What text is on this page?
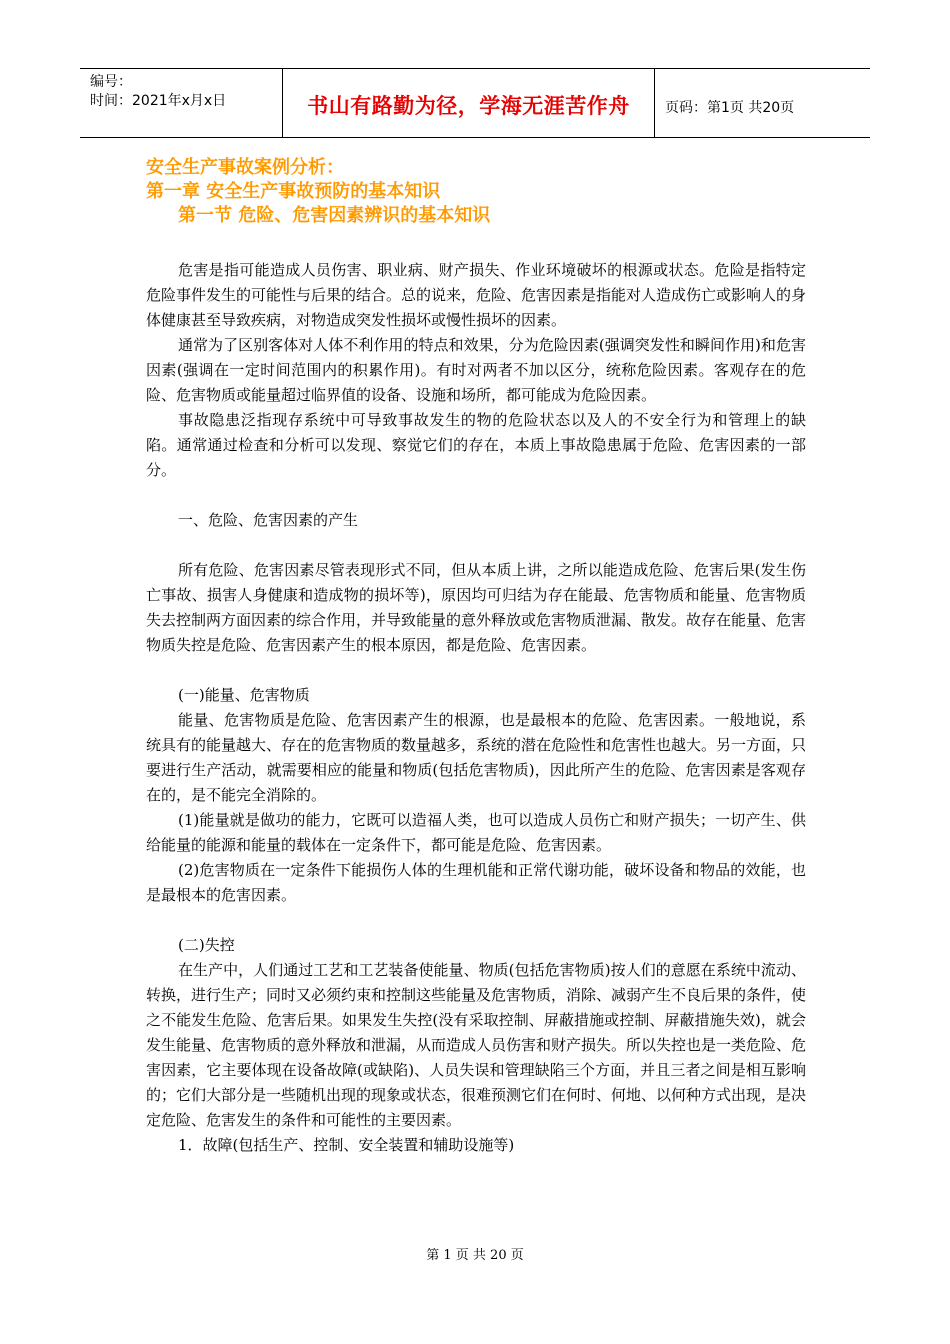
编号：
时间：2021年x月x日	书山有路勤为径，学海无涯苦作舟	页码：第1页 共20页
安全生产事故案例分析：
第一章 安全生产事故预防的基本知识
第一节 危险、危害因素辨识的基本知识

危害是指可能造成人员伤害、职业病、财产损失、作业环境破坏的根源或状态。危险是指特定危险事件发生的可能性与后果的结合。总的说来，危险、危害因素是指能对人造成伤亡或影响人的身体健康甚至导致疾病，对物造成突发性损坏或慢性损坏的因素。

通常为了区别客体对人体不利作用的特点和效果，分为危险因素(强调突发性和瞬间作用)和危害因素(强调在一定时间范围内的积累作用)。有时对两者不加以区分，统称危险因素。客观存在的危险、危害物质或能量超过临界值的设备、设施和场所，都可能成为危险因素。

事故隐患泛指现存系统中可导致事故发生的物的危险状态以及人的不安全行为和管理上的缺陷。通常通过检查和分析可以发现、察觉它们的存在，本质上事故隐患属于危险、危害因素的一部分。

一、危险、危害因素的产生

所有危险、危害因素尽管表现形式不同，但从本质上讲，之所以能造成危险、危害后果(发生伤亡事故、损害人身健康和造成物的损坏等)，原因均可归结为存在能最、危害物质和能量、危害物质失去控制两方面因素的综合作用，并导致能量的意外释放或危害物质泄漏、散发。故存在能量、危害物质失控是危险、危害因素产生的根本原因，都是危险、危害因素。

(一)能量、危害物质

能量、危害物质是危险、危害因素产生的根源，也是最根本的危险、危害因素。一般地说，系统具有的能量越大、存在的危害物质的数量越多，系统的潜在危险性和危害性也越大。另一方面，只要进行生产活动，就需要相应的能量和物质(包括危害物质)，因此所产生的危险、危害因素是客观存在的，是不能完全消除的。

(1)能量就是做功的能力，它既可以造福人类，也可以造成人员伤亡和财产损失；一切产生、供给能量的能源和能量的载体在一定条件下，都可能是危险、危害因素。

(2)危害物质在一定条件下能损伤人体的生理机能和正常代谢功能，破坏设备和物品的效能，也是最根本的危害因素。

(二)失控

在生产中，人们通过工艺和工艺装备使能量、物质(包括危害物质)按人们的意愿在系统中流动、转换，进行生产；同时又必须约束和控制这些能量及危害物质，消除、减弱产生不良后果的条件，使之不能发生危险、危害后果。如果发生失控(没有采取控制、屏蔽措施或控制、屏蔽措施失效)，就会发生能量、危害物质的意外释放和泄漏，从而造成人员伤害和财产损失。所以失控也是一类危险、危害因素，它主要体现在设备故障(或缺陷)、人员失误和管理缺陷三个方面，并且三者之间是相互影响的；它们大部分是一些随机出现的现象或状态，很难预测它们在何时、何地、以何种方式出现，是决定危险、危害发生的条件和可能性的主要因素。

1．故障(包括生产、控制、安全装置和辅助设施等)

第 1 页 共 20 页
